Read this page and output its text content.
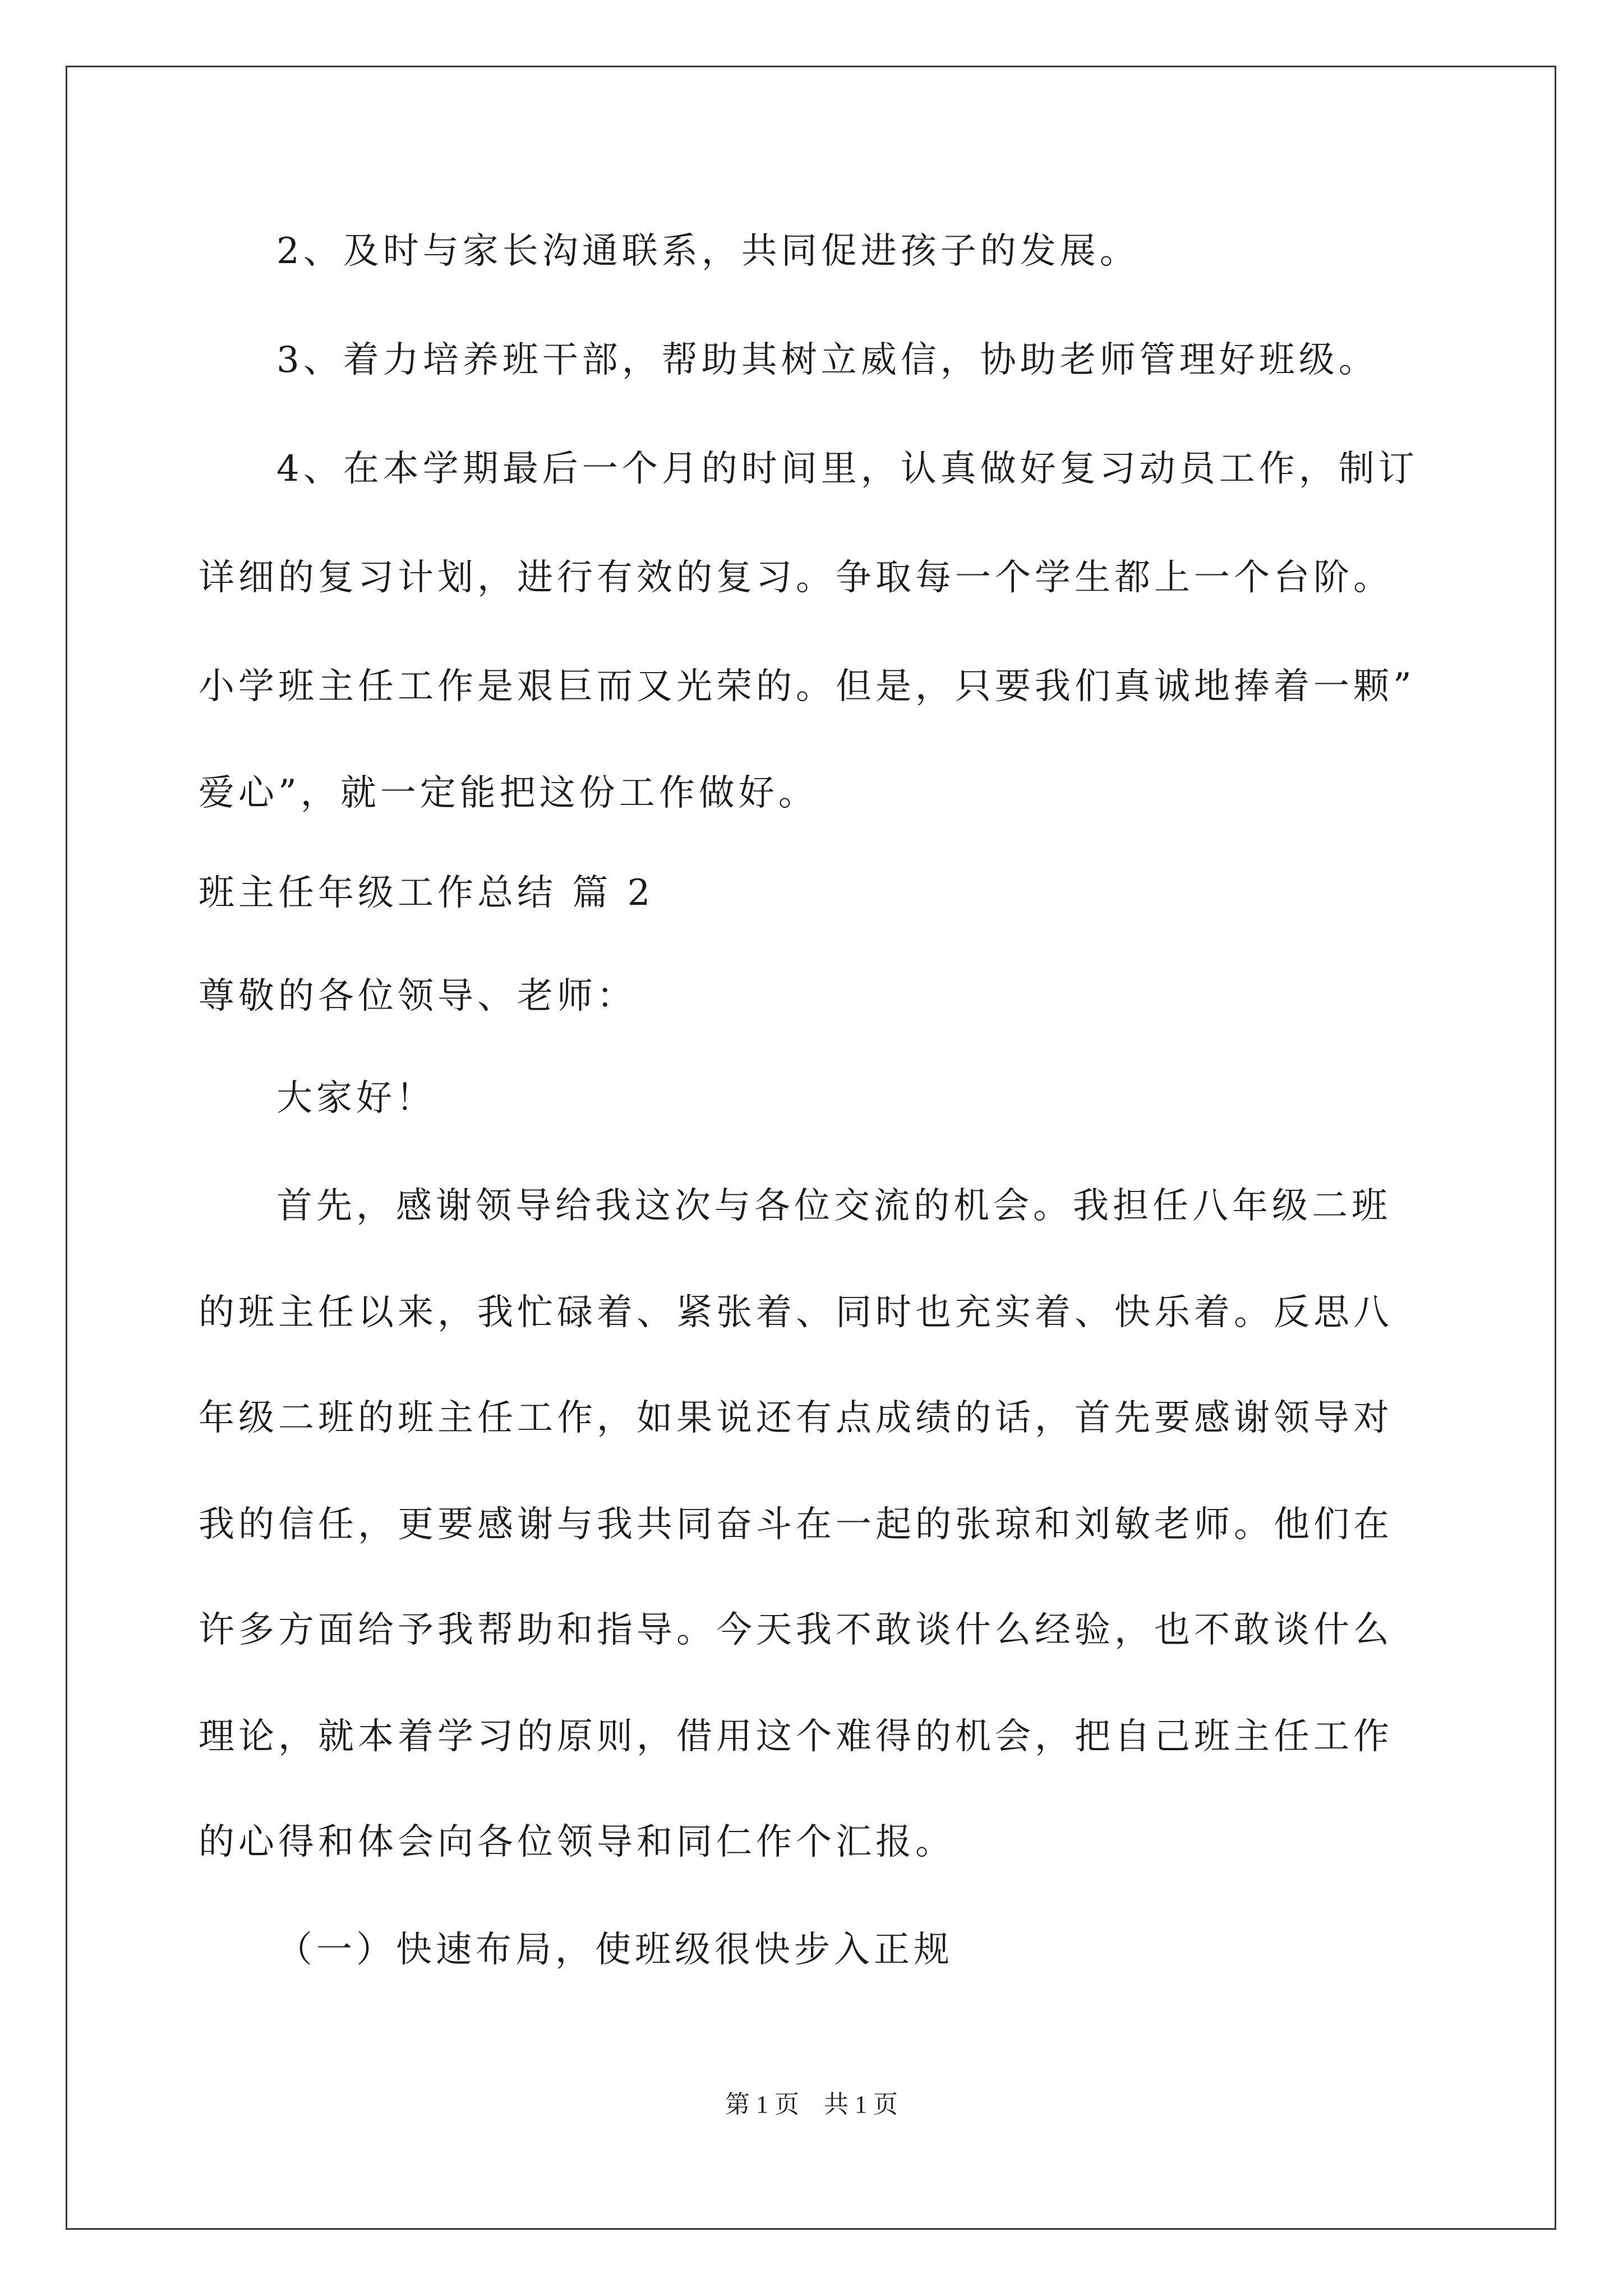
2、及时与家长沟通联系，共同促进孩子的发展。
3、着力培养班干部，帮助其树立威信，协助老师管理好班级。
4、在本学期最后一个月的时间里，认真做好复习动员工作，制订
详细的复习计划，进行有效的复习。争取每一个学生都上一个台阶。
小学班主任工作是艰巨而又光荣的。但是，只要我们真诚地捧着一颗”
爱心”，就一定能把这份工作做好。
班主任年级工作总结 篇 2
尊敬的各位领导、老师：
大家好！
首先，感谢领导给我这次与各位交流的机会。我担任八年级二班
的班主任以来，我忙碌着、紧张着、同时也充实着、快乐着。反思八
年级二班的班主任工作，如果说还有点成绩的话，首先要感谢领导对
我的信任，更要感谢与我共同奋斗在一起的张琼和刘敏老师。他们在
许多方面给予我帮助和指导。今天我不敢谈什么经验，也不敢谈什么
理论，就本着学习的原则，借用这个难得的机会，把自己班主任工作
的心得和体会向各位领导和同仁作个汇报。
（一）快速布局，使班级很快步入正规
第 1 页    共 1 页
